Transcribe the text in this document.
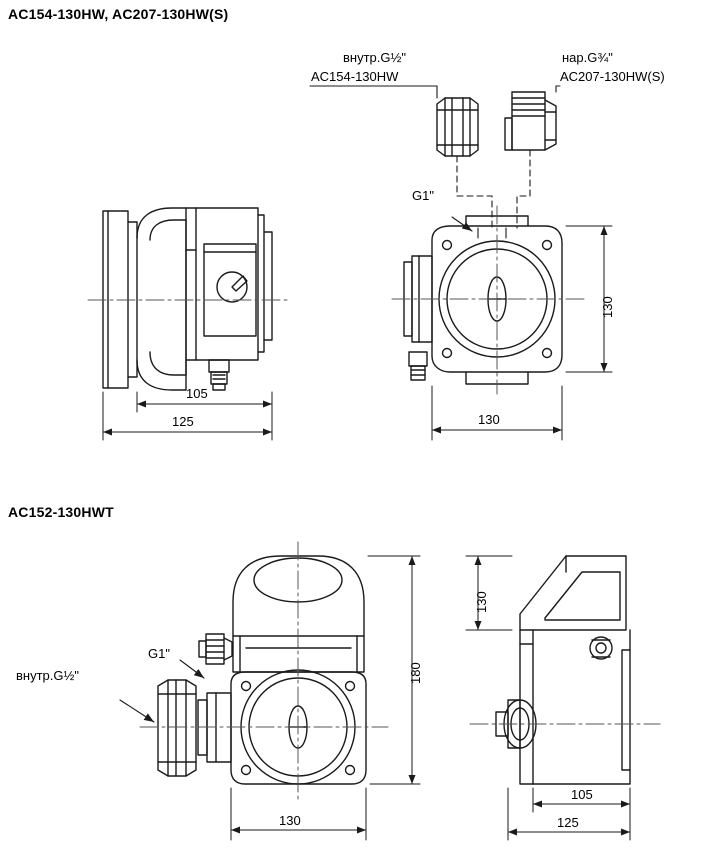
AC154-130HW, AC207-130HW(S)
AC152-130HWT
внутр.G½"
AC154-130HW
нар.G¾"
AC207-130HW(S)
G1"
105
125	130
130
внутр.G½"
G1"
180
130
130
105
125
